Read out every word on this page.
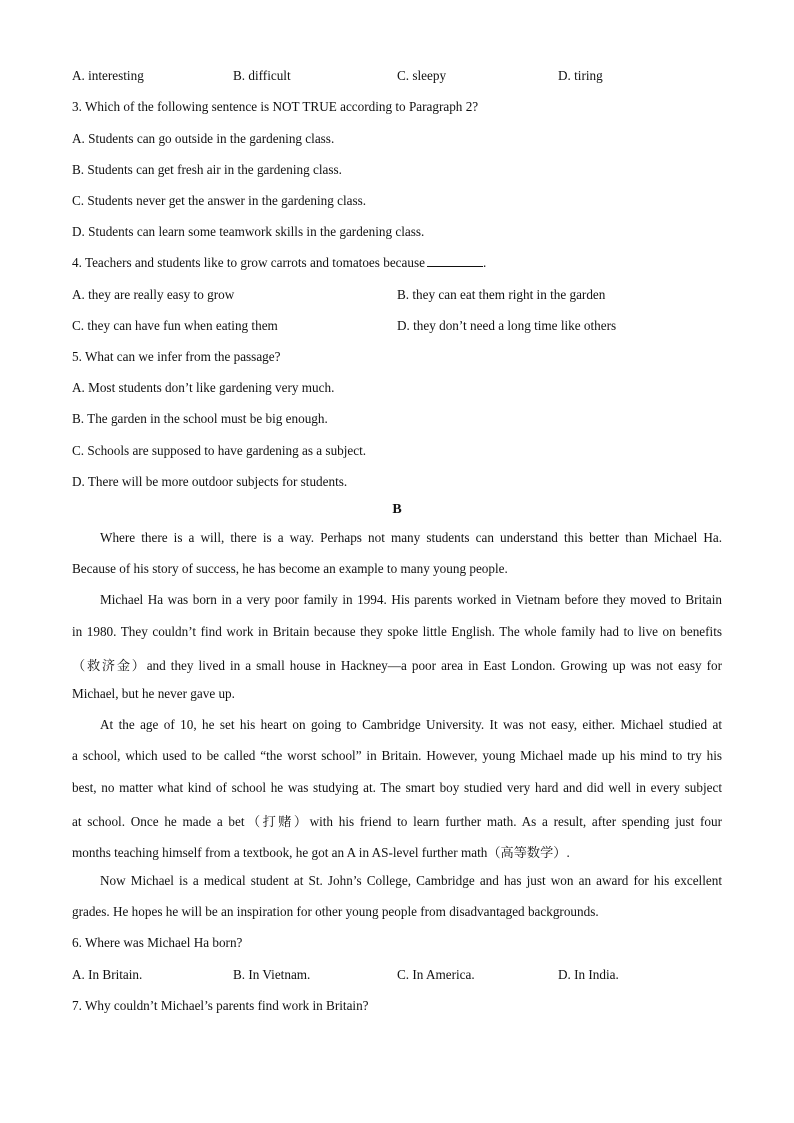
A. interesting	B. difficult	C. sleepy	D. tiring
3. Which of the following sentence is NOT TRUE according to Paragraph 2?
A. Students can go outside in the gardening class.
B. Students can get fresh air in the gardening class.
C. Students never get the answer in the gardening class.
D. Students can learn some teamwork skills in the gardening class.
4. Teachers and students like to grow carrots and tomatoes because	.
A. they are really easy to grow	B. they can eat them right in the garden
C. they can have fun when eating them	D. they don’t need a long time like others
5. What can we infer from the passage?
A. Most students don’t like gardening very much.
B. The garden in the school must be big enough.
C. Schools are supposed to have gardening as a subject.
D. There will be more outdoor subjects for students.
B
Where there is a will, there is a way. Perhaps not many students can understand this better than Michael Ha.
Because of his story of success, he has become an example to many young people.
Michael Ha was born in a very poor family in 1994. His parents worked in Vietnam before they moved to Britain
in 1980. They couldn’t find work in Britain because they spoke little English. The whole family had to live on benefits
（救济金）and they lived in a small house in Hackney—a poor area in East London. Growing up was not easy for
Michael, but he never gave up.
At the age of 10, he set his heart on going to Cambridge University. It was not easy, either. Michael studied at
a school, which used to be called “the worst school” in Britain. However, young Michael made up his mind to try his
best, no matter what kind of school he was studying at. The smart boy studied very hard and did well in every subject
at school. Once he made a bet（打赌）with his friend to learn further math. As a result, after spending just four
months teaching himself from a textbook, he got an A in AS-level further math（高等数学）.
Now Michael is a medical student at St. John’s College, Cambridge and has just won an award for his excellent
grades. He hopes he will be an inspiration for other young people from disadvantaged backgrounds.
6. Where was Michael Ha born?
A. In Britain.	B. In Vietnam.	C. In America.	D. In India.
7. Why couldn’t Michael’s parents find work in Britain?
